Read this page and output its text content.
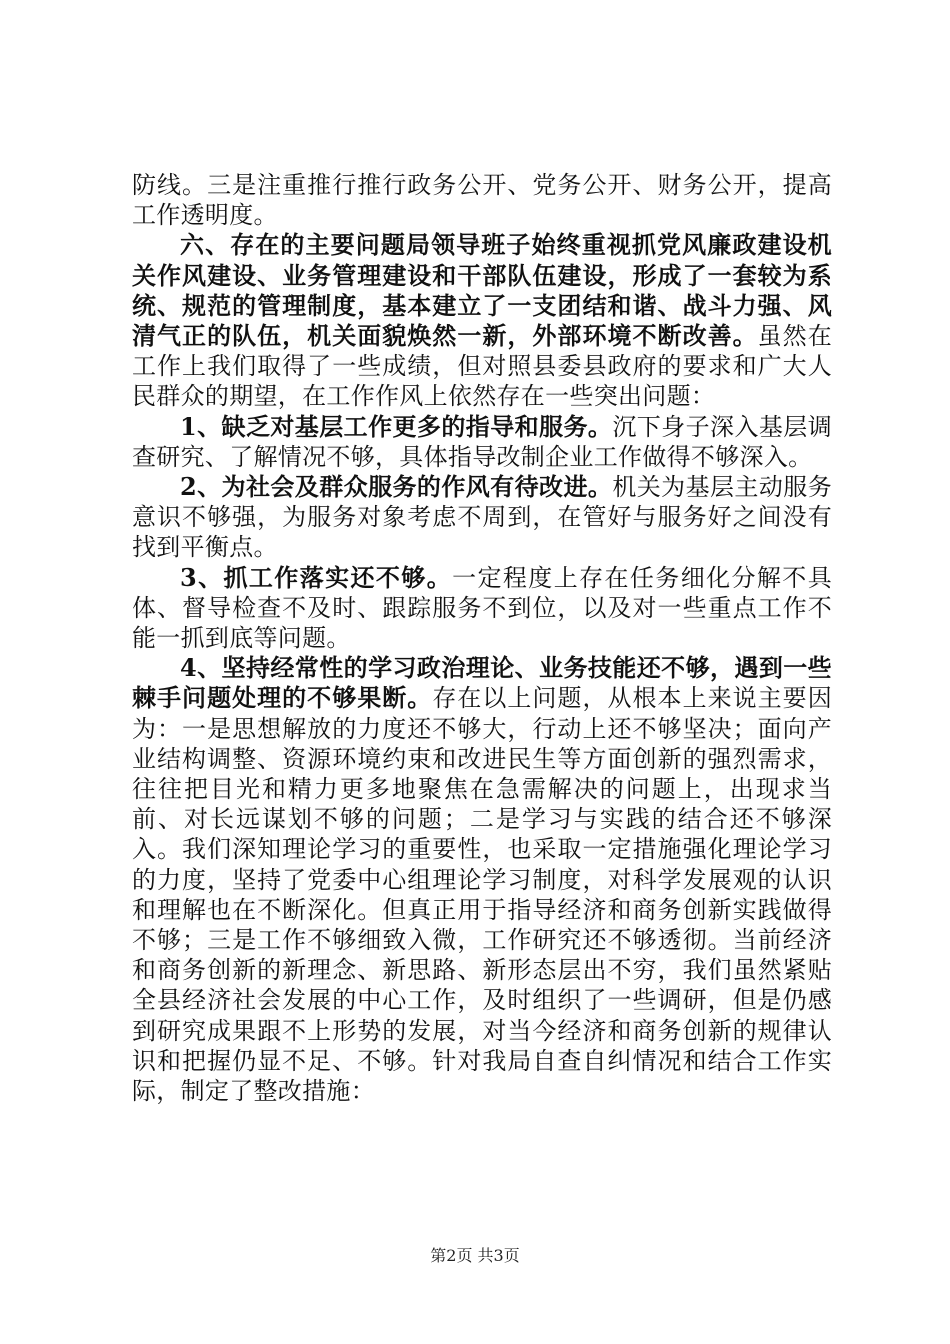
防线。三是注重推行推行政务公开、党务公开、财务公开，提高工作透明度。

六、存在的主要问题局领导班子始终重视抓党风廉政建设机关作风建设、业务管理建设和干部队伍建设，形成了一套较为系统、规范的管理制度，基本建立了一支团结和谐、战斗力强、风清气正的队伍，机关面貌焕然一新，外部环境不断改善。虽然在工作上我们取得了一些成绩，但对照县委县政府的要求和广大人民群众的期望，在工作作风上依然存在一些突出问题：

1、缺乏对基层工作更多的指导和服务。沉下身子深入基层调查研究、了解情况不够，具体指导改制企业工作做得不够深入。

2、为社会及群众服务的作风有待改进。机关为基层主动服务意识不够强，为服务对象考虑不周到，在管好与服务好之间没有找到平衡点。

3、抓工作落实还不够。一定程度上存在任务细化分解不具体、督导检查不及时、跟踪服务不到位，以及对一些重点工作不能一抓到底等问题。

4、坚持经常性的学习政治理论、业务技能还不够，遇到一些棘手问题处理的不够果断。存在以上问题，从根本上来说主要因为：一是思想解放的力度还不够大，行动上还不够坚决；面向产业结构调整、资源环境约束和改进民生等方面创新的强烈需求，往往把目光和精力更多地聚焦在急需解决的问题上，出现求当前、对长远谋划不够的问题；二是学习与实践的结合还不够深入。我们深知理论学习的重要性，也采取一定措施强化理论学习的力度，坚持了党委中心组理论学习制度，对科学发展观的认识和理解也在不断深化。但真正用于指导经济和商务创新实践做得不够；三是工作不够细致入微，工作研究还不够透彻。当前经济和商务创新的新理念、新思路、新形态层出不穷，我们虽然紧贴全县经济社会发展的中心工作，及时组织了一些调研，但是仍感到研究成果跟不上形势的发展，对当今经济和商务创新的规律认识和把握仍显不足、不够。针对我局自查自纠情况和结合工作实际，制定了整改措施：

第2页 共3页
